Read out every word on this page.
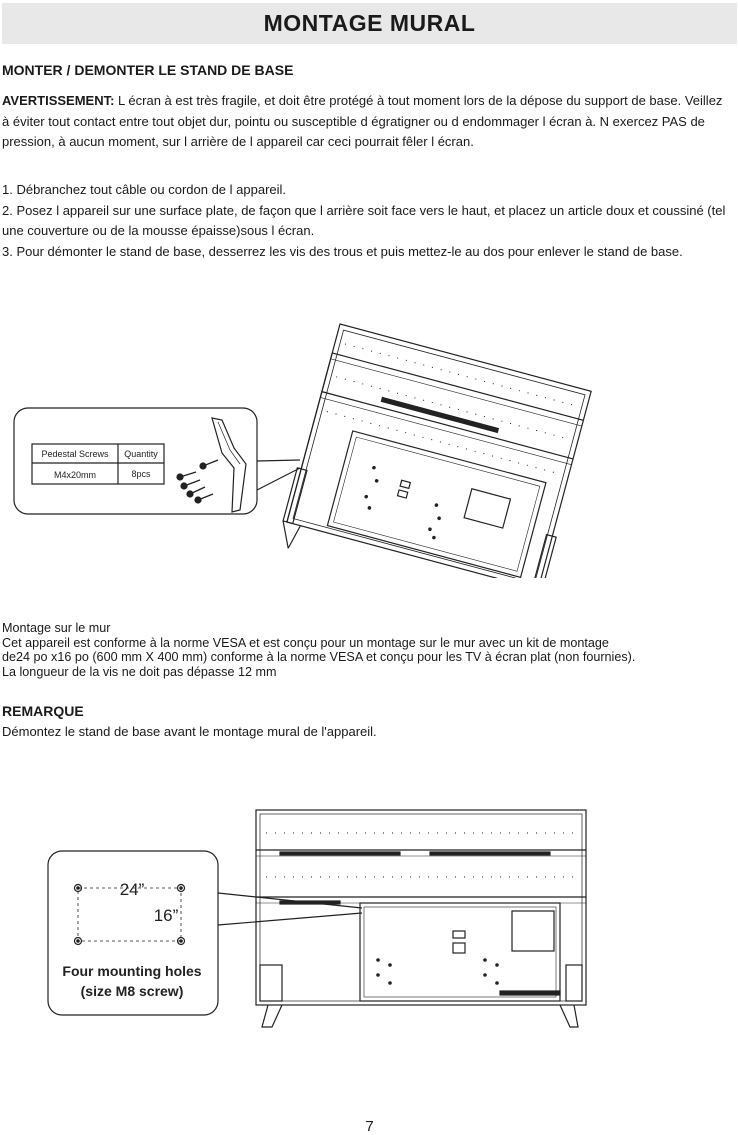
MONTAGE MURAL
MONTER / DEMONTER LE STAND DE BASE
AVERTISSEMENT: L écran à est très fragile, et doit être protégé à tout moment lors de la dépose du support de base. Veillez à éviter tout contact entre tout objet dur, pointu ou susceptible d égratigner ou d endommager l écran à. N exercez PAS de pression, à aucun moment, sur l arrière de l appareil car ceci pourrait fêler l écran.
1. Débranchez tout câble ou cordon de l appareil.
2. Posez l appareil sur une surface plate, de façon que l arrière soit face vers le haut, et placez un article doux et coussiné (tel une couverture ou de la mousse épaisse)sous l écran.
3. Pour démonter le stand de base, desserrez les vis des trous et puis mettez-le au dos pour enlever le stand de base.
Pedestal Screws Quantity
M4x20mm	8pcs
Montage sur le mur
Cet appareil est conforme à la norme VESA et est conçu pour un montage sur le mur avec un kit de montage
de24 po x16 po (600 mm X 400 mm) conforme à la norme VESA et conçu pour les TV à écran plat (non fournies).
La longueur de la vis ne doit pas dépasse 12 mm
REMARQUE
Démontez le stand de base avant le montage mural de l'appareil.
24”
16”
Four mounting holes
(size M8 screw)
7
